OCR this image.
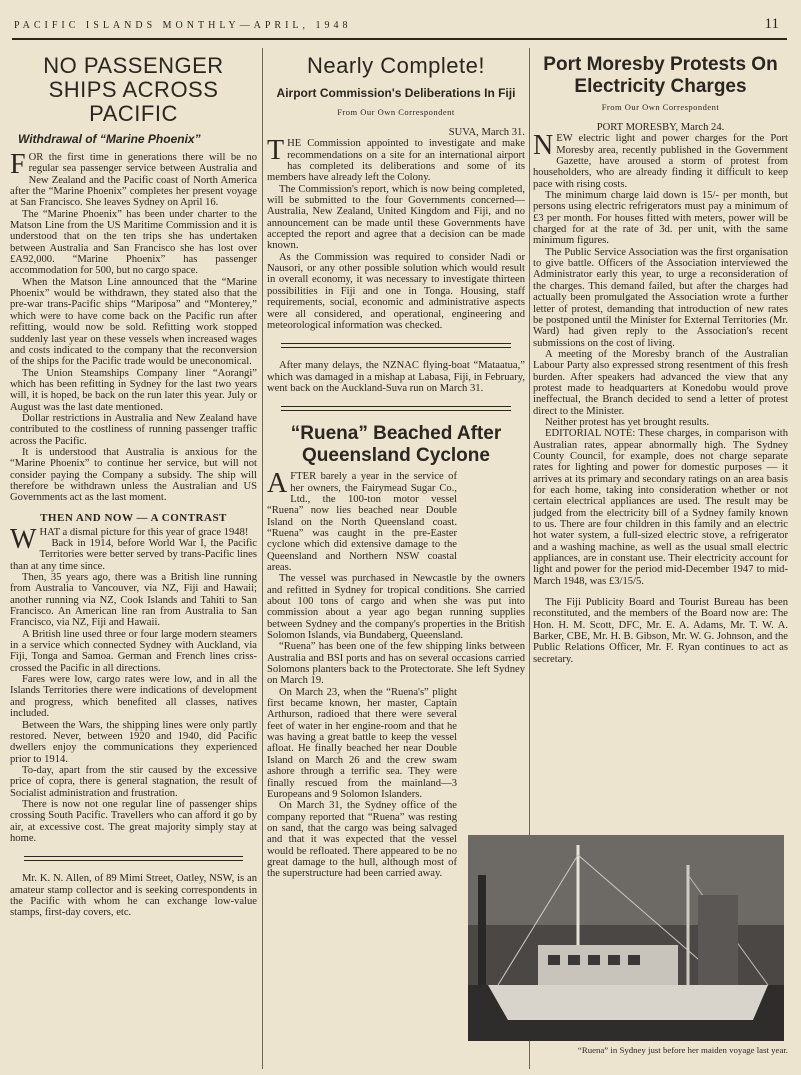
PACIFIC ISLANDS MONTHLY—APRIL, 1948	11
NO PASSENGER SHIPS ACROSS PACIFIC
Withdrawal of “Marine Phoenix”

FOR the first time in generations there will be no regular sea passenger service between Australia and New Zealand and the Pacific coast of North America after the “Marine Phoenix” completes her present voyage at San Francisco. She leaves Sydney on April 16.

The “Marine Phoenix” has been under charter to the Matson Line from the US Maritime Commission and it is understood that on the ten trips she has undertaken between Australia and San Francisco she has lost over £A92,000. “Marine Phoenix” has passenger accommodation for 500, but no cargo space.

When the Matson Line announced that the “Marine Phoenix” would be withdrawn, they stated also that the pre-war trans-Pacific ships “Mariposa” and “Monterey,” which were to have come back on the Pacific run after refitting, would now be sold. Refitting work stopped suddenly last year on these vessels when increased wages and costs indicated to the company that the reconversion of the ships for the Pacific trade would be uneconomical.

The Union Steamships Company liner “Aorangi” which has been refitting in Sydney for the last two years will, it is hoped, be back on the run later this year. July or August was the last date mentioned.

Dollar restrictions in Australia and New Zealand have contributed to the costliness of running passenger traffic across the Pacific.

It is understood that Australia is anxious for the “Marine Phoenix” to continue her service, but will not consider paying the Company a subsidy. The ship will therefore be withdrawn unless the Australian and US Governments act as the last moment.

THEN AND NOW — A CONTRAST

WHAT a dismal picture for this year of grace 1948!

Back in 1914, before World War I, the Pacific Territories were better served by trans-Pacific lines than at any time since.

Then, 35 years ago, there was a British line running from Australia to Vancouver, via NZ, Fiji and Hawaii; another running via NZ, Cook Islands and Tahiti to San Francisco. An American line ran from Australia to San Francisco, via NZ, Fiji and Hawaii.

A British line used three or four large modern steamers in a service which connected Sydney with Auckland, via Fiji, Tonga and Samoa. German and French lines criss-crossed the Pacific in all directions.

Fares were low, cargo rates were low, and in all the Islands Territories there were indications of development and progress, which benefited all classes, natives included.

Between the Wars, the shipping lines were only partly restored. Never, between 1920 and 1940, did Pacific dwellers enjoy the communications they experienced prior to 1914.

To-day, apart from the stir caused by the excessive price of copra, there is general stagnation, the result of Socialist administration and frustration.

There is now not one regular line of passenger ships crossing South Pacific. Travellers who can afford it go by air, at excessive cost. The great majority simply stay at home.

Mr. K. N. Allen, of 89 Mimi Street, Oatley, NSW, is an amateur stamp collector and is seeking correspondents in the Pacific with whom he can exchange low-value stamps, first-day covers, etc.

Nearly Complete!
Airport Commission's Deliberations In Fiji
From Our Own Correspondent

SUVA, March 31.

THE Commission appointed to investigate and make recommendations on a site for an international airport has completed its deliberations and some of its members have already left the Colony.

The Commission's report, which is now being completed, will be submitted to the four Governments concerned—Australia, New Zealand, United Kingdom and Fiji, and no announcement can be made until these Governments have accepted the report and agree that a decision can be made known.

As the Commission was required to consider Nadi or Nausori, or any other possible solution which would result in overall economy, it was necessary to investigate thirteen possibilities in Fiji and one in Tonga. Housing, staff requirements, social, economic and administrative aspects were all considered, and operational, engineering and meteorological information was checked.

After many delays, the NZNAC flying-boat “Mataatua,” which was damaged in a mishap at Labasa, Fiji, in February, went back on the Auckland-Suva run on March 31.

“Ruena” Beached After Queensland Cyclone

AFTER barely a year in the service of her owners, the Fairymead Sugar Co., Ltd., the 100-ton motor vessel “Ruena” now lies beached near Double Island on the North Queensland coast. “Ruena” was caught in the pre-Easter cyclone which did extensive damage to the Queensland and Northern NSW coastal areas.

The vessel was purchased in Newcastle by the owners and refitted in Sydney for tropical conditions. She carried about 100 tons of cargo and when she was put into commission about a year ago began running supplies between Sydney and the company's properties in the British Solomon Islands, via Bundaberg, Queensland.

“Ruena” has been one of the few shipping links between Australia and BSI ports and has on several occasions carried Solomons planters back to the Protectorate. She left Sydney on March 19.

On March 23, when the “Ruena's” plight first became known, her master, Captain Arthurson, radioed that there were several feet of water in her engine-room and that he was having a great battle to keep the vessel afloat. He finally beached her near Double Island on March 26 and the crew swam ashore through a terrific sea. They were finally rescued from the mainland—3 Europeans and 9 Solomon Islanders.

On March 31, the Sydney office of the company reported that “Ruena” was resting on sand, that the cargo was being salvaged and that it was expected that the vessel would be refloated. There appeared to be no great damage to the hull, although most of the superstructure had been carried away.

Port Moresby Protests On Electricity Charges
From Our Own Correspondent

PORT MORESBY, March 24.

NEW electric light and power charges for the Port Moresby area, recently published in the Government Gazette, have aroused a storm of protest from householders, who are already finding it difficult to keep pace with rising costs.

The minimum charge laid down is 15/- per month, but persons using electric refrigerators must pay a minimum of £3 per month. For houses fitted with meters, power will be charged for at the rate of 3d. per unit, with the same minimum figures.

The Public Service Association was the first organisation to give battle. Officers of the Association interviewed the Administrator early this year, to urge a reconsideration of the charges. This demand failed, but after the charges had actually been promulgated the Association wrote a further letter of protest, demanding that introduction of new rates be postponed until the Minister for External Territories (Mr. Ward) had given reply to the Association's recent submissions on the cost of living.

A meeting of the Moresby branch of the Australian Labour Party also expressed strong resentment of this fresh burden. After speakers had advanced the view that any protest made to headquarters at Konedobu would prove ineffectual, the Branch decided to send a letter of protest direct to the Minister.

Neither protest has yet brought results.

EDITORIAL NOTE: These charges, in comparison with Australian rates, appear abnormally high. The Sydney County Council, for example, does not charge separate rates for lighting and power for domestic purposes — it arrives at its primary and secondary ratings on an area basis for each home, taking into consideration whether or not certain electrical appliances are used. The result may be judged from the electricity bill of a Sydney family known to us. There are four children in this family and an electric hot water system, a full-sized electric stove, a refrigerator and a washing machine, as well as the usual small electric appliances, are in constant use. Their electricity account for light and power for the period mid-December 1947 to mid-March 1948, was £3/15/5.

The Fiji Publicity Board and Tourist Bureau has been reconstituted, and the members of the Board now are: The Hon. H. M. Scott, DFC, Mr. E. A. Adams, Mr. T. W. A. Barker, CBE, Mr. H. B. Gibson, Mr. W. G. Johnson, and the Public Relations Officer, Mr. F. Ryan continues to act as secretary.

“Ruena” in Sydney just before her maiden voyage last year.
